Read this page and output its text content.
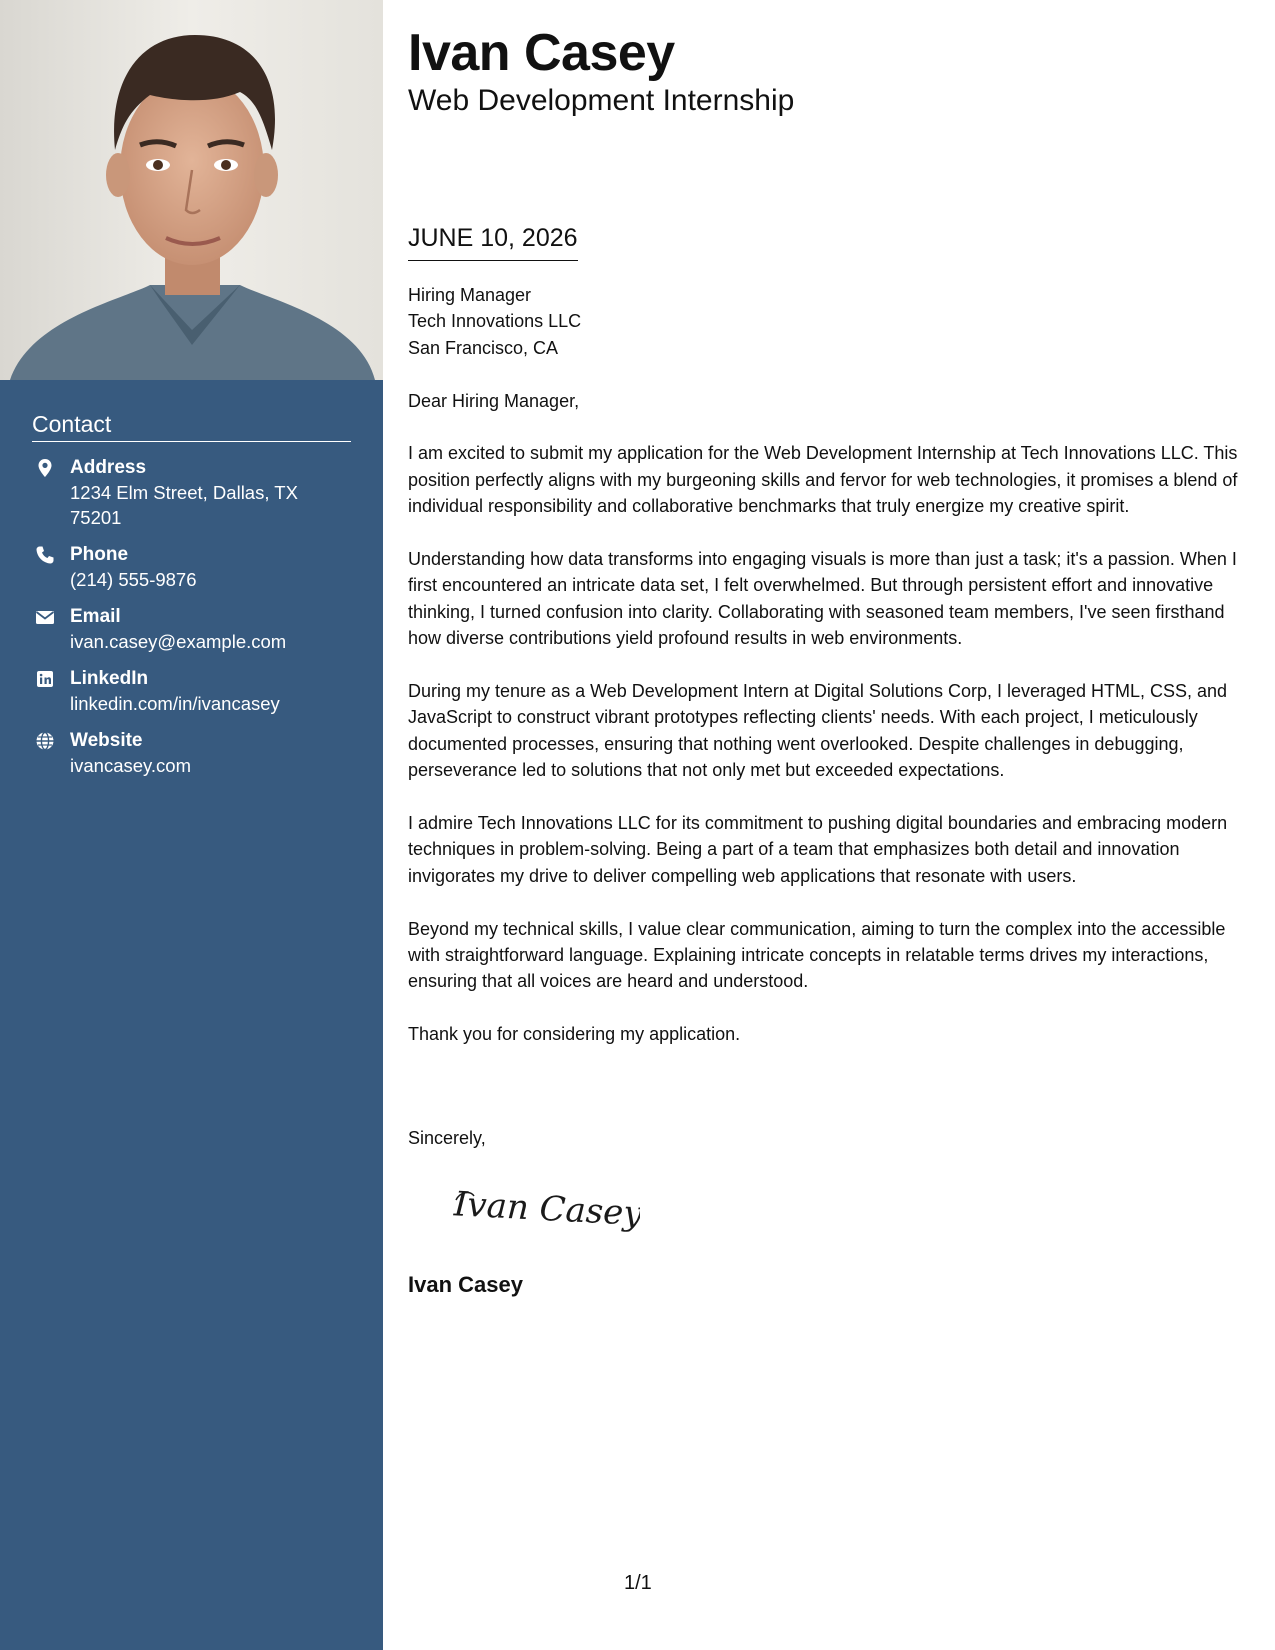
Contact
Address
1234 Elm Street, Dallas, TX 75201
Phone
(214) 555-9876
Email
ivan.casey@example.com
LinkedIn
linkedin.com/in/ivancasey
Website
ivancasey.com
Ivan Casey
Web Development Internship
JUNE 10, 2026

Hiring Manager
Tech Innovations LLC
San Francisco, CA

Dear Hiring Manager,

I am excited to submit my application for the Web Development Internship at Tech Innovations LLC. This position perfectly aligns with my burgeoning skills and fervor for web technologies, it promises a blend of individual responsibility and collaborative benchmarks that truly energize my creative spirit.

Understanding how data transforms into engaging visuals is more than just a task; it's a passion. When I first encountered an intricate data set, I felt overwhelmed. But through persistent effort and innovative thinking, I turned confusion into clarity. Collaborating with seasoned team members, I've seen firsthand how diverse contributions yield profound results in web environments.

During my tenure as a Web Development Intern at Digital Solutions Corp, I leveraged HTML, CSS, and JavaScript to construct vibrant prototypes reflecting clients' needs. With each project, I meticulously documented processes, ensuring that nothing went overlooked. Despite challenges in debugging, perseverance led to solutions that not only met but exceeded expectations.

I admire Tech Innovations LLC for its commitment to pushing digital boundaries and embracing modern techniques in problem-solving. Being a part of a team that emphasizes both detail and innovation invigorates my drive to deliver compelling web applications that resonate with users.

Beyond my technical skills, I value clear communication, aiming to turn the complex into the accessible with straightforward language. Explaining intricate concepts in relatable terms drives my interactions, ensuring that all voices are heard and understood.

Thank you for considering my application.

Sincerely,
Ivan Casey
Ivan Casey
1/1
